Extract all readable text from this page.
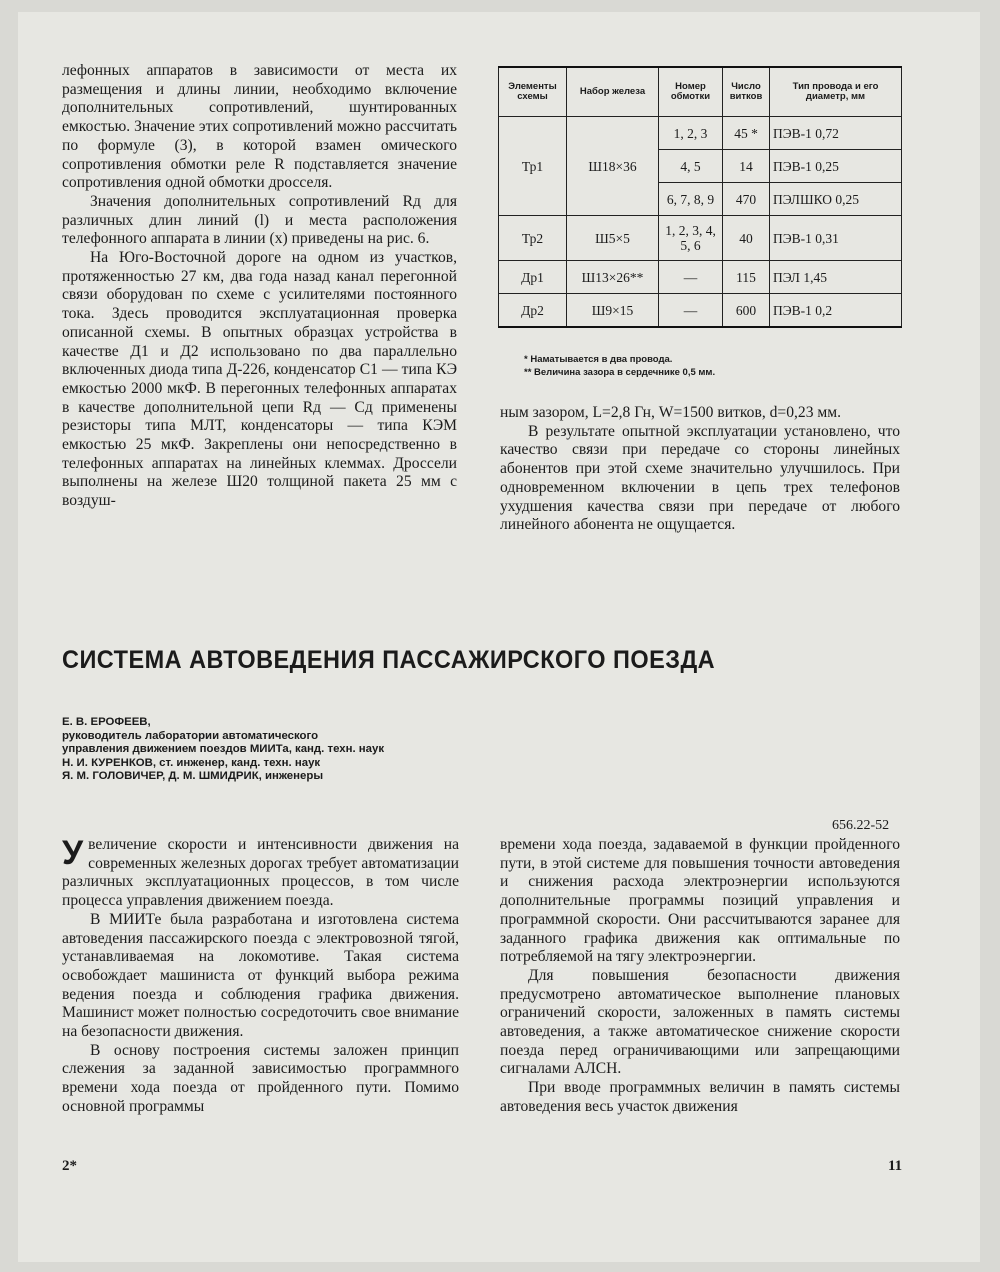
лефонных аппаратов в зависимости от места их размещения и длины линии, необходимо включение дополнительных сопротивлений, шунтированных емкостью. Значение этих сопротивлений можно рассчитать по формуле (3), в которой взамен омического сопротивления обмотки реле R подставляется значение сопротивления одной обмотки дросселя.

Значения дополнительных сопротивлений Rд для различных длин линий (l) и места расположения телефонного аппарата в линии (x) приведены на рис. 6.

На Юго-Восточной дороге на одном из участков, протяженностью 27 км, два года назад канал перегонной связи оборудован по схеме с усилителями постоянного тока. Здесь проводится эксплуатационная проверка описанной схемы. В опытных образцах устройства в качестве Д1 и Д2 использовано по два параллельно включенных диода типа Д-226, конденсатор С1 — типа КЭ емкостью 2000 мкФ. В перегонных телефонных аппаратах в качестве дополнительной цепи Rд — Сд применены резисторы типа МЛТ, конденсаторы — типа КЭМ емкостью 25 мкФ. Закреплены они непосредственно в телефонных аппаратах на линейных клеммах. Дроссели выполнены на железе Ш20 толщиной пакета 25 мм с воздуш-

Элементы схемы	Набор железа	Номер обмотки	Число витков	Тип провода и его диаметр, мм
Тр1	Ш18×36	1, 2, 3	45 *	ПЭВ-1 0,72
		4, 5	14	ПЭВ-1 0,25
		6, 7, 8, 9	470	ПЭЛШКО 0,25
Тр2	Ш5×5	1, 2, 3, 4, 5, 6	40	ПЭВ-1 0,31
Др1	Ш13×26**	—	115	ПЭЛ 1,45
Др2	Ш9×15	—	600	ПЭВ-1 0,2
* Наматывается в два провода.
** Величина зазора в сердечнике 0,5 мм.

ным зазором, L=2,8 Гн, W=1500 витков, d=0,23 мм.

В результате опытной эксплуатации установлено, что качество связи при передаче со стороны линейных абонентов при этой схеме значительно улучшилось. При одновременном включении в цепь трех телефонов ухудшения качества связи при передаче от любого линейного абонента не ощущается.

СИСТЕМА АВТОВЕДЕНИЯ ПАССАЖИРСКОГО ПОЕЗДА
Е. В. ЕРОФЕЕВ,
руководитель лаборатории автоматического
управления движением поездов МИИТа, канд. техн. наук
Н. И. КУРЕНКОВ, ст. инженер, канд. техн. наук
Я. М. ГОЛОВИЧЕР, Д. М. ШМИДРИК, инженеры
656.22-52

Увеличение скорости и интенсивности движения на современных железных дорогах требует автоматизации различных эксплуатационных процессов, в том числе процесса управления движением поезда.

В МИИТе была разработана и изготовлена система автоведения пассажирского поезда с электровозной тягой, устанавливаемая на локомотиве. Такая система освобождает машиниста от функций выбора режима ведения поезда и соблюдения графика движения. Машинист может полностью сосредоточить свое внимание на безопасности движения.

В основу построения системы заложен принцип слежения за заданной зависимостью программного времени хода поезда от пройденного пути. Помимо основной программы

времени хода поезда, задаваемой в функции пройденного пути, в этой системе для повышения точности автоведения и снижения расхода электроэнергии используются дополнительные программы позиций управления и программной скорости. Они рассчитываются заранее для заданного графика движения как оптимальные по потребляемой на тягу электроэнергии.

Для повышения безопасности движения предусмотрено автоматическое выполнение плановых ограничений скорости, заложенных в память системы автоведения, а также автоматическое снижение скорости поезда перед ограничивающими или запрещающими сигналами АЛСН.

При вводе программных величин в память системы автоведения весь участок движения

2*	11
